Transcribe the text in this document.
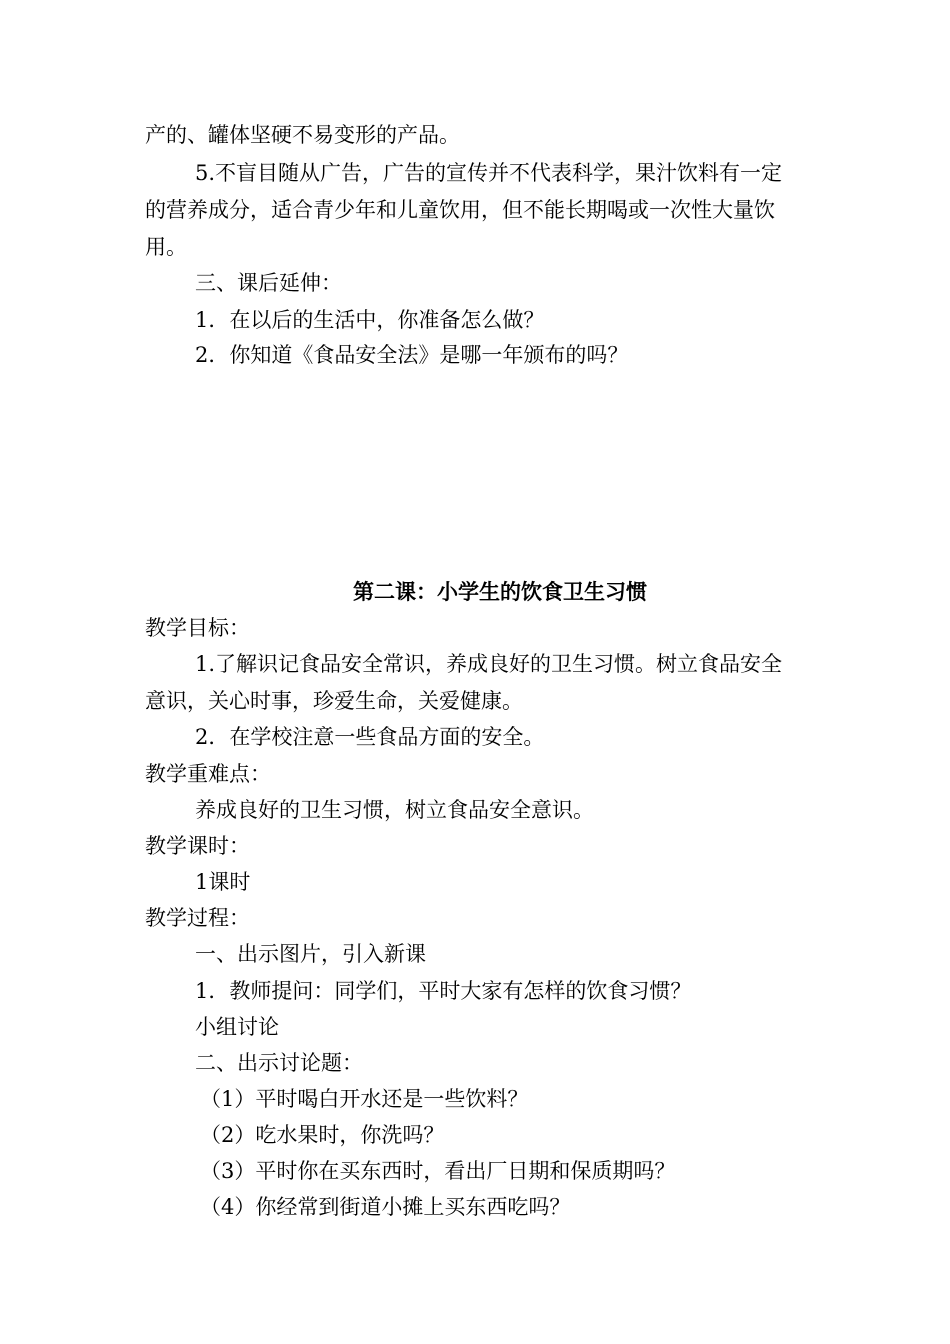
产的、罐体坚硬不易变形的产品。
5.不盲目随从广告，广告的宣传并不代表科学，果汁饮料有一定
的营养成分，适合青少年和儿童饮用，但不能长期喝或一次性大量饮
用。
三、课后延伸：
1．在以后的生活中，你准备怎么做？
2．你知道《食品安全法》是哪一年颁布的吗？
第二课：小学生的饮食卫生习惯
教学目标：
1.了解识记食品安全常识，养成良好的卫生习惯。树立食品安全
意识，关心时事，珍爱生命，关爱健康。
2．在学校注意一些食品方面的安全。
教学重难点：
养成良好的卫生习惯，树立食品安全意识。
教学课时：
1课时
教学过程：
一、出示图片，引入新课
1．教师提问：同学们，平时大家有怎样的饮食习惯？
小组讨论
二、出示讨论题：
（1）平时喝白开水还是一些饮料？
（2）吃水果时，你洗吗？
（3）平时你在买东西时，看出厂日期和保质期吗？
（4）你经常到街道小摊上买东西吃吗？
